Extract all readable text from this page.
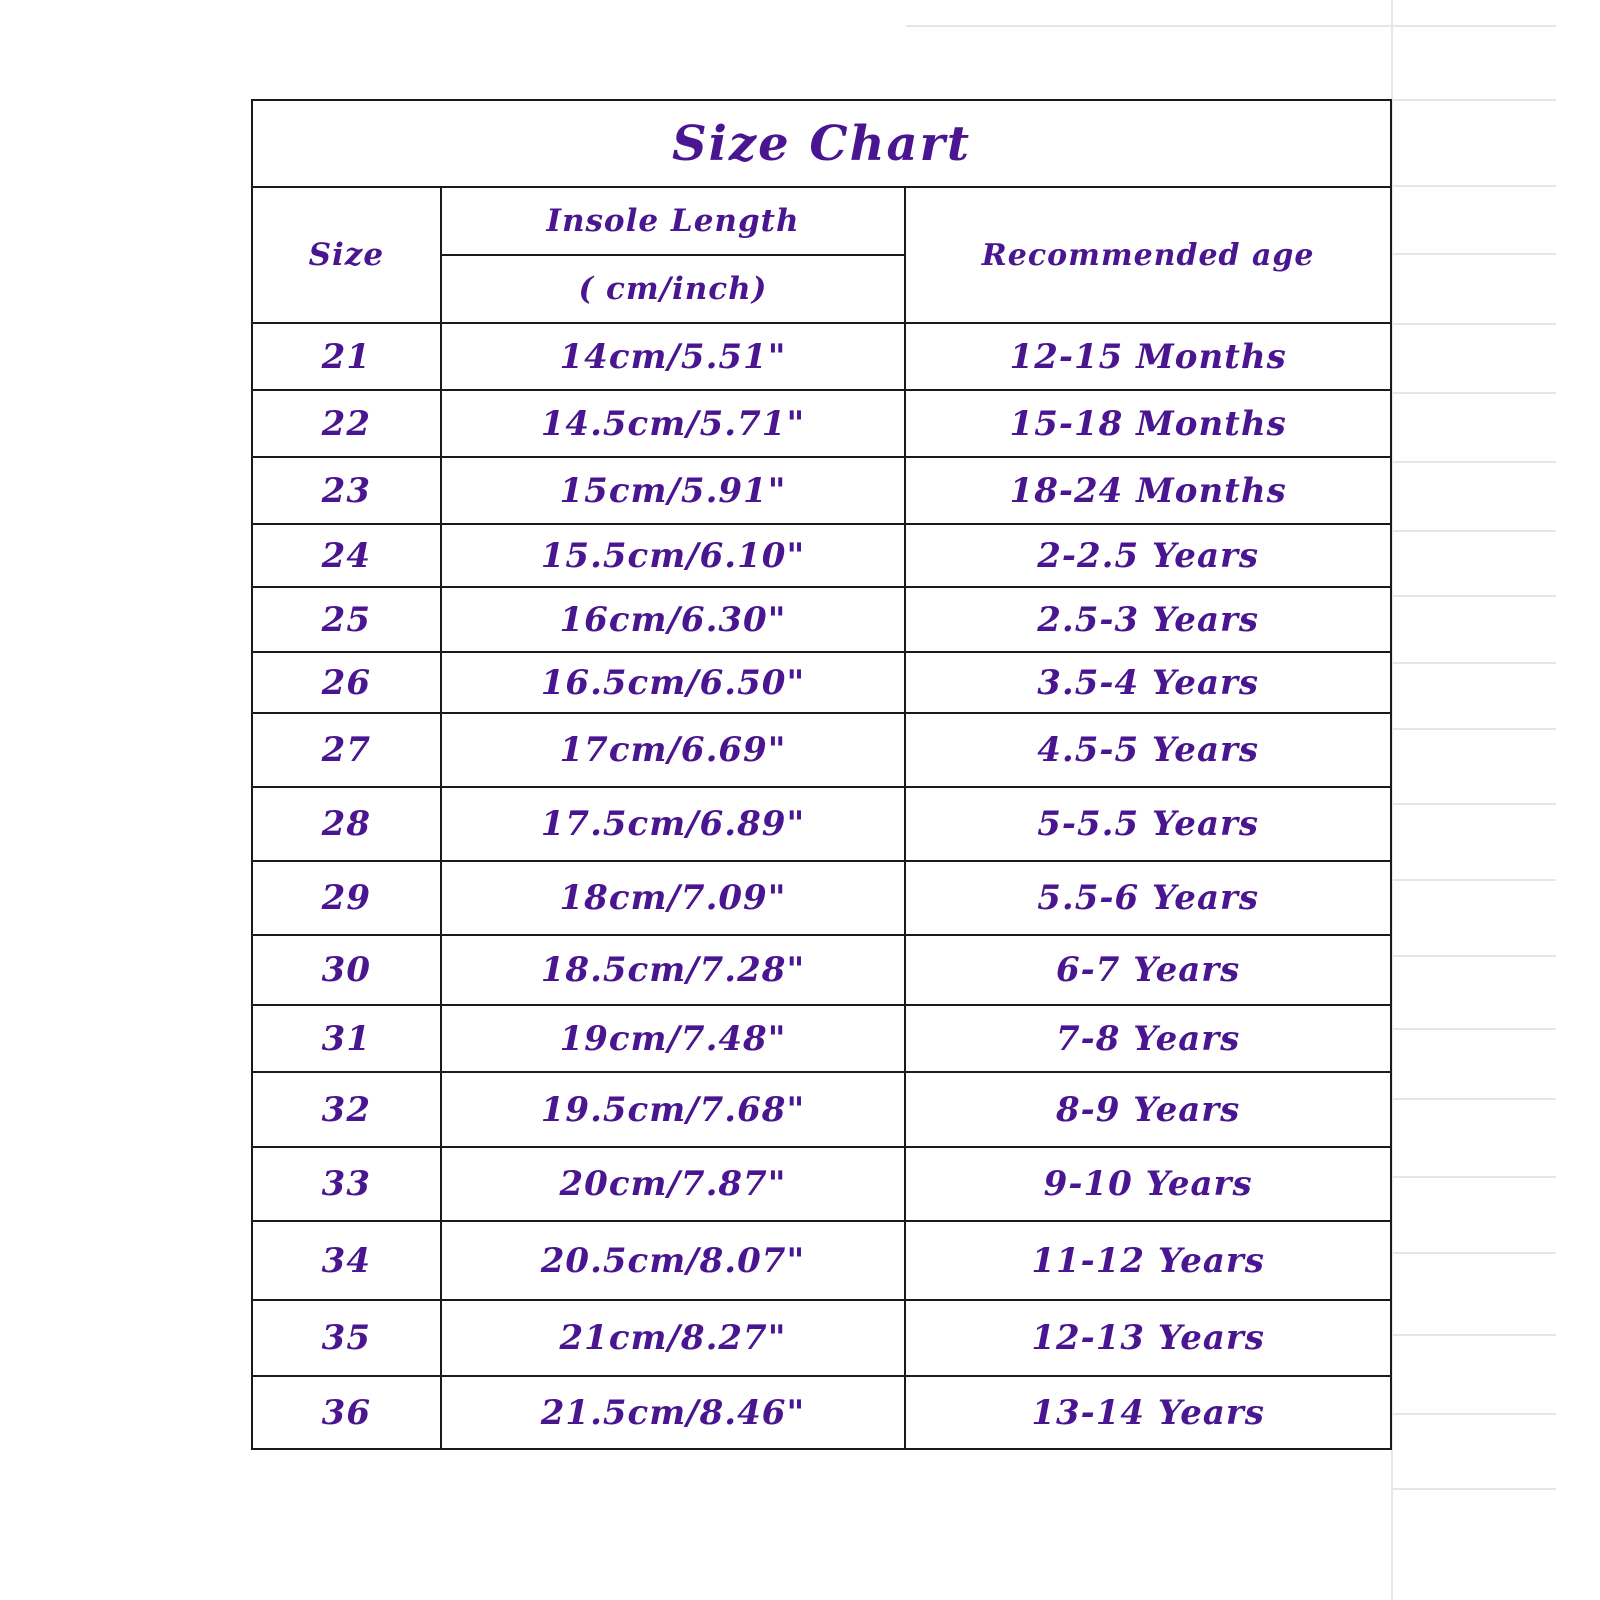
Size Chart		
Size	Insole Length	Recommended age
	( cm/inch)	
21	14cm/5.51"	12-15 Months
22	14.5cm/5.71"	15-18 Months
23	15cm/5.91"	18-24 Months
24	15.5cm/6.10"	2-2.5 Years
25	16cm/6.30"	2.5-3 Years
26	16.5cm/6.50"	3.5-4 Years
27	17cm/6.69"	4.5-5 Years
28	17.5cm/6.89"	5-5.5 Years
29	18cm/7.09"	5.5-6 Years
30	18.5cm/7.28"	6-7 Years
31	19cm/7.48"	7-8 Years
32	19.5cm/7.68"	8-9 Years
33	20cm/7.87"	9-10 Years
34	20.5cm/8.07"	11-12 Years
35	21cm/8.27"	12-13 Years
36	21.5cm/8.46"	13-14 Years
